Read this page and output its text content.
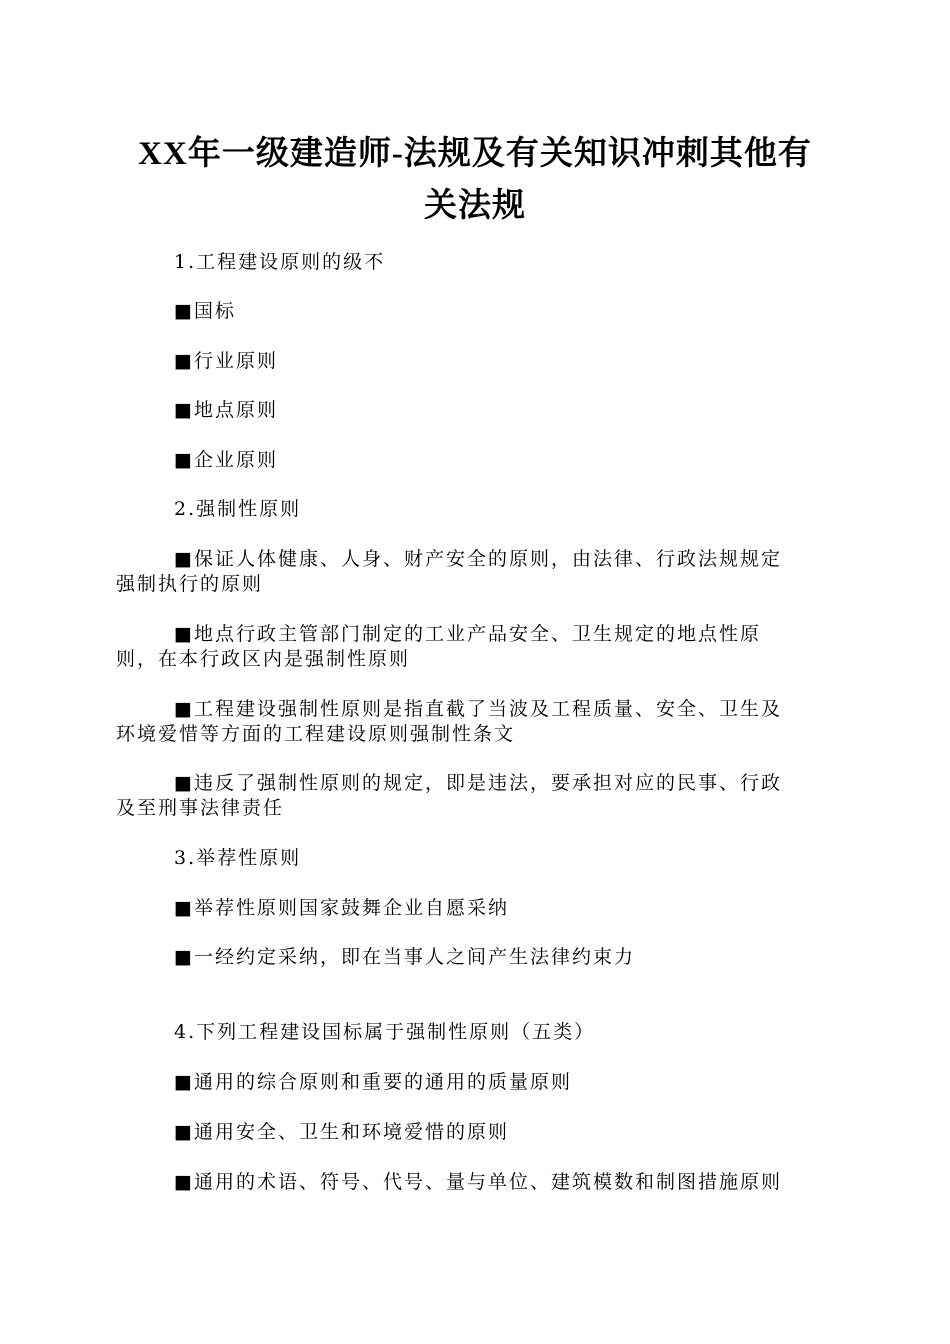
XX年一级建造师-法规及有关知识冲刺其他有
关法规

1.工程建设原则的级不

■国标

■行业原则

■地点原则

■企业原则

2.强制性原则

■保证人体健康、人身、财产安全的原则，由法律、行政法规规定

强制执行的原则

■地点行政主管部门制定的工业产品安全、卫生规定的地点性原

则，在本行政区内是强制性原则

■工程建设强制性原则是指直截了当波及工程质量、安全、卫生及

环境爱惜等方面的工程建设原则强制性条文

■违反了强制性原则的规定，即是违法，要承担对应的民事、行政

及至刑事法律责任

3.举荐性原则

■举荐性原则国家鼓舞企业自愿采纳

■一经约定采纳，即在当事人之间产生法律约束力

4.下列工程建设国标属于强制性原则（五类）

■通用的综合原则和重要的通用的质量原则

■通用安全、卫生和环境爱惜的原则

■通用的术语、符号、代号、量与单位、建筑模数和制图措施原则
